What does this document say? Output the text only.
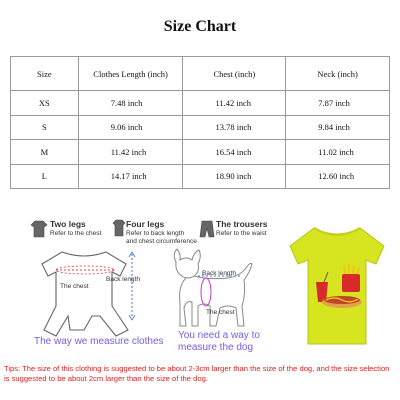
Size Chart
Size	Clothes Length (inch)	Chest (inch)	Neck (inch)
XS	7.48 inch	11.42 inch	7.87 inch
S	9.06 inch	13.78 inch	9.84 inch
M	11.42 inch	16.54 inch	11.02 inch
L	14.17 inch	18.90 inch	12.60 inch
Two legs
Refer to the chest
Four legs
Refer to back length
and chest circumference
The trousers
Refer to the waist
The chest
Back length
Back length
The chest
The way we measure clothes
You need a way to
measure the dog
Tips: The size of this clothing is suggested to be about 2-3cm larger than the size of the dog, and the size selection is suggested to be about 2cm larger than the size of the dog.
